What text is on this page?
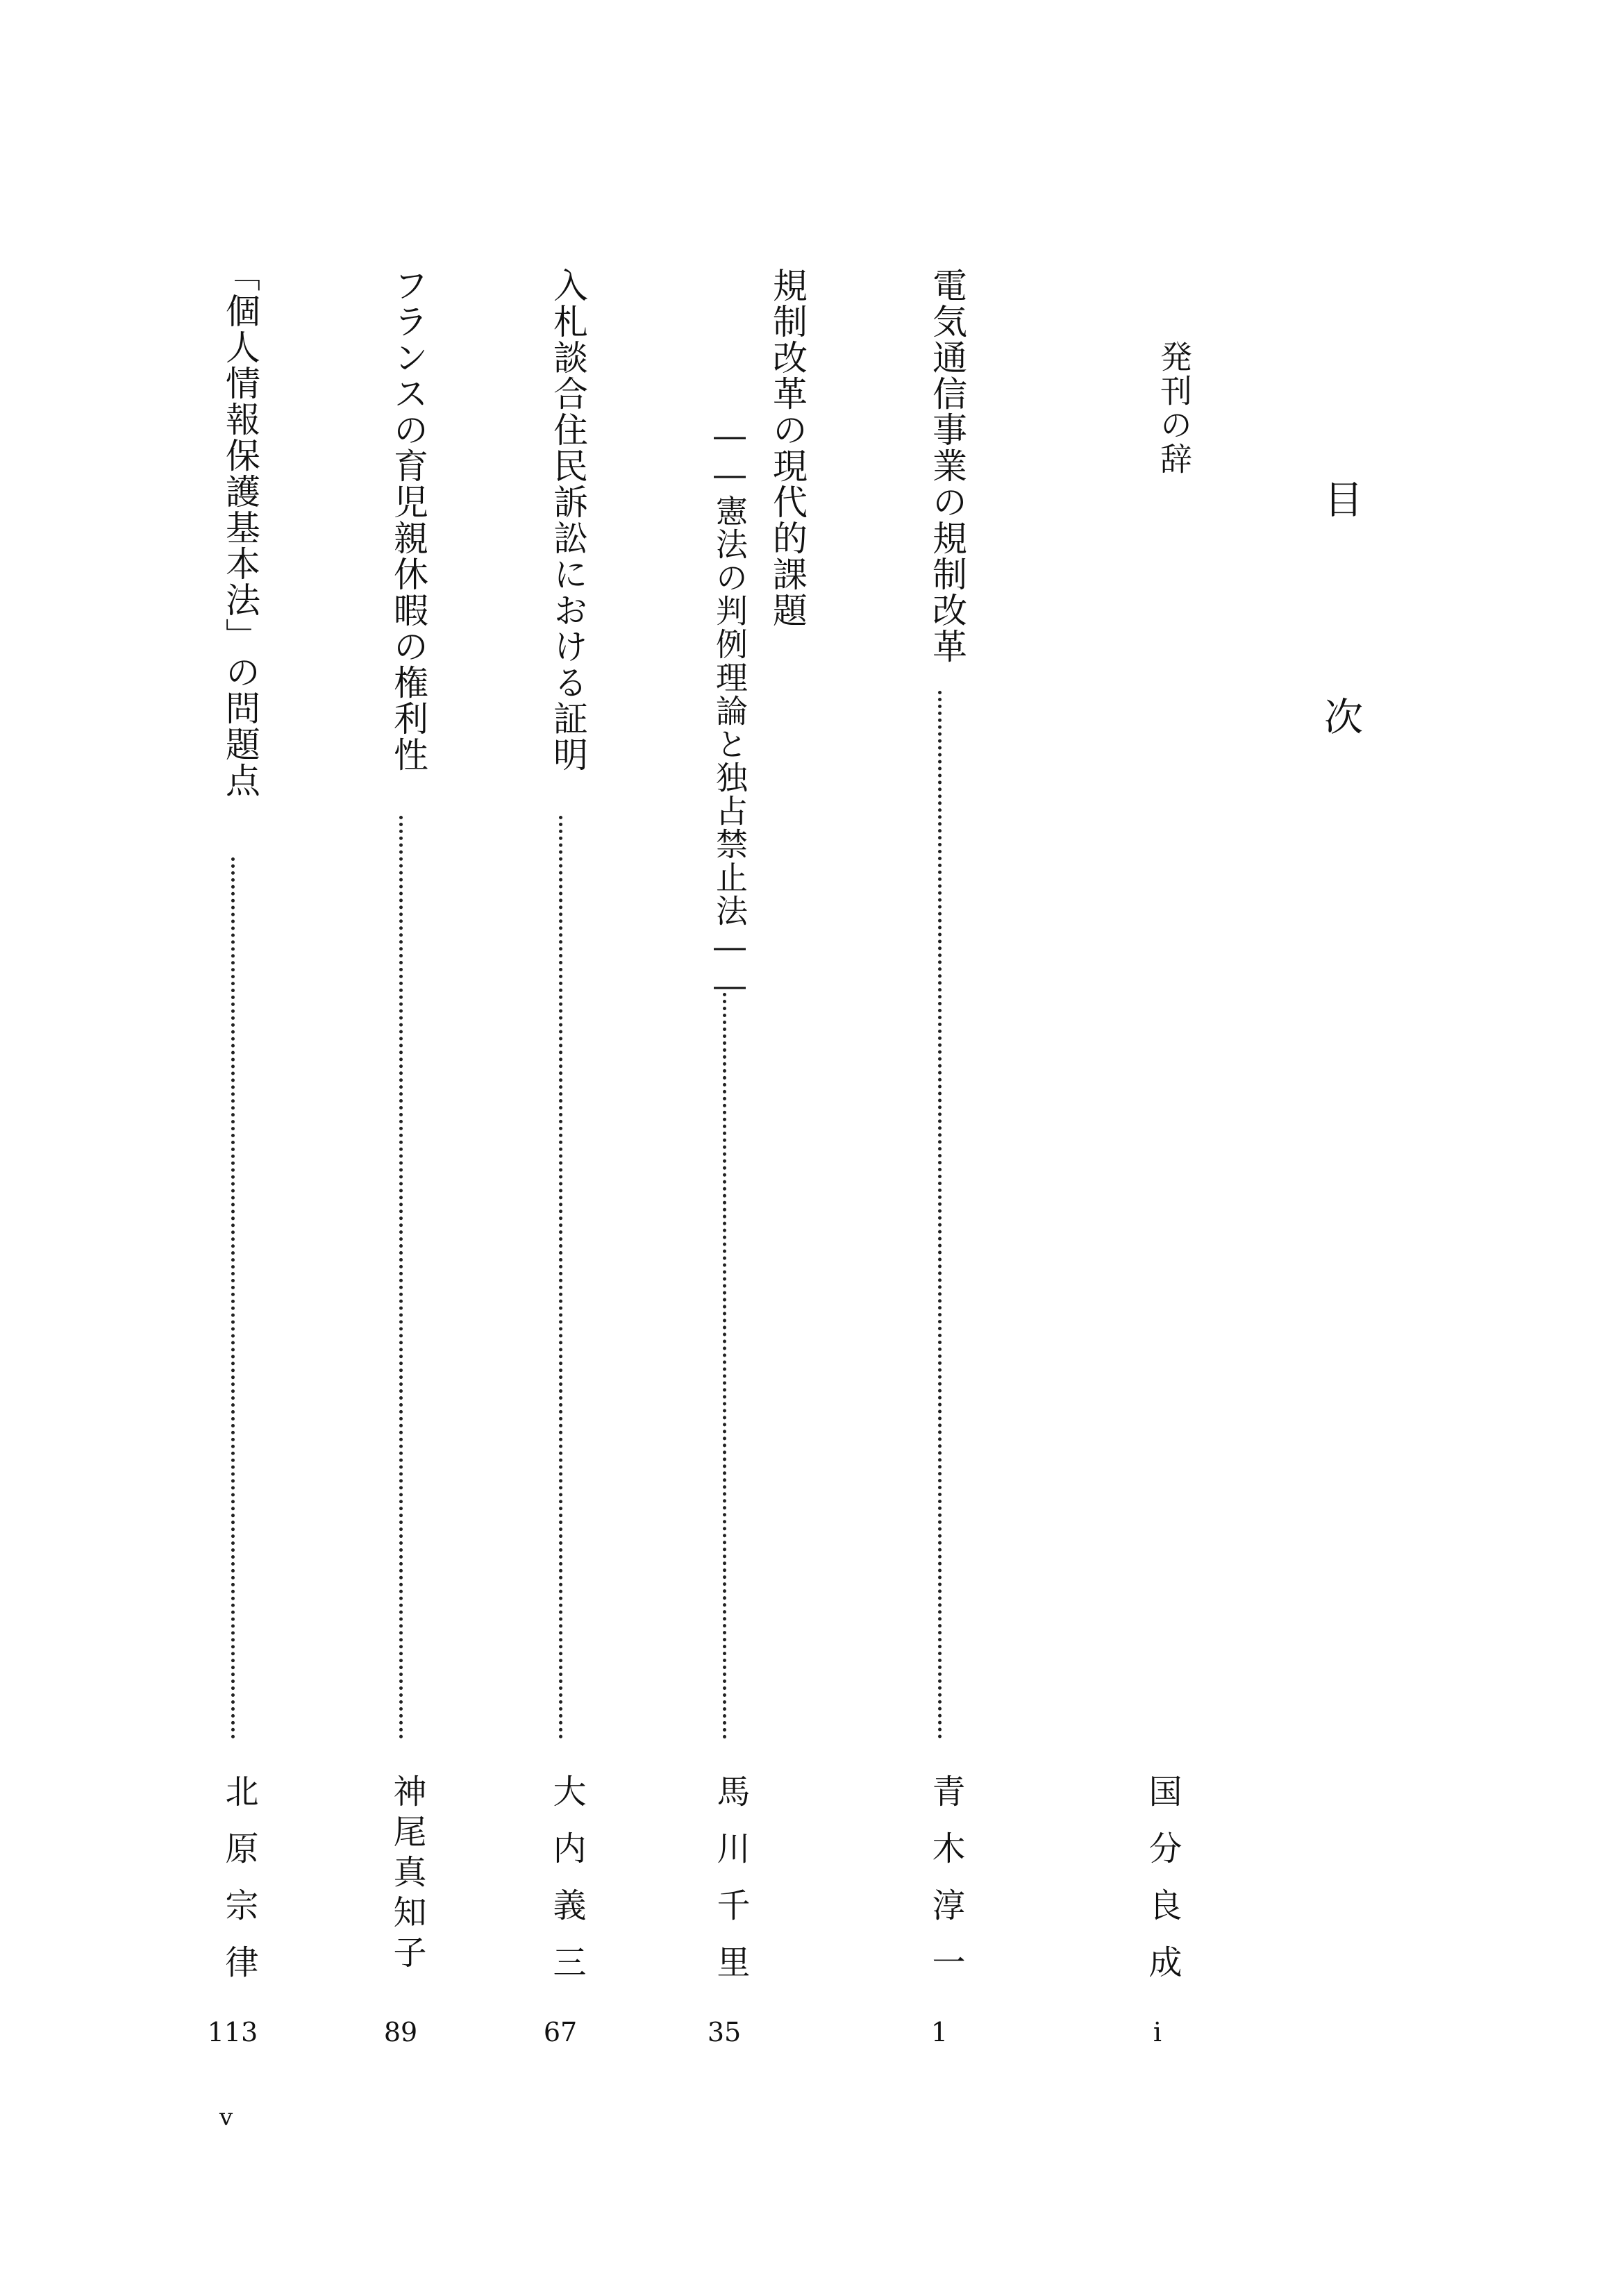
目 次
発刊の辞
国分良成
i
電気通信事業の規制改革
青木淳一
1
規制改革の現代的課題
――憲法の判例理論と独占禁止法――
馬川千里
35
入札談合住民訴訟における証明
大内義三
67
フランスの育児親休暇の権利性
神尾真知子
89
「個人情報保護基本法」の問題点
北原宗律
113
v
